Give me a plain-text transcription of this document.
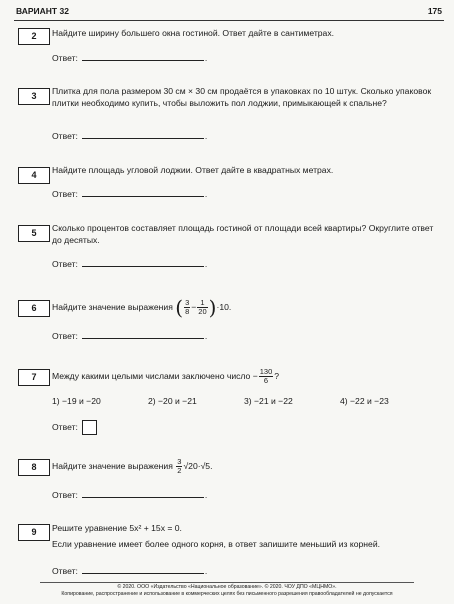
ВАРИАНТ 32	175
2	Найдите ширину большего окна гостиной. Ответ дайте в сантиметрах.
Ответ:	.
3	Плитка для пола размером 30 см × 30 см продаётся в упаковках по 10 штук. Сколько упаковок плитки необходимо купить, чтобы выложить пол лоджии, примыкающей к спальне?
Ответ:	.
4	Найдите площадь угловой лоджии. Ответ дайте в квадратных метрах.
Ответ:	.
5	Сколько процентов составляет площадь гостиной от площади всей квартиры? Округлите ответ до десятых.
Ответ:	.
6	Найдите значение выражения ( $\frac{3}{8} - \frac{1}{20} )\cdot 10$.
Ответ:	.
7	Между какими целыми числами заключено число − $\frac{130}{6}$ ?
1) −19 и −20	2) −20 и −21	3) −21 и −22	4) −22 и −23
Ответ:
8	Найдите значение выражения $\frac{3}{2} √20\cdot√5$.
Ответ:	.
9	Решите уравнение 5x² + 15x = 0.
Если уравнение имеет более одного корня, в ответ запишите меньший из корней.
Ответ:	.
© 2020. ООО «Издательство «Национальное образование». © 2020. ЧОУ ДПО «МЦНМО».
Копирование, распространение и использование в коммерческих целях без письменного разрешения правообладателей не допускается
